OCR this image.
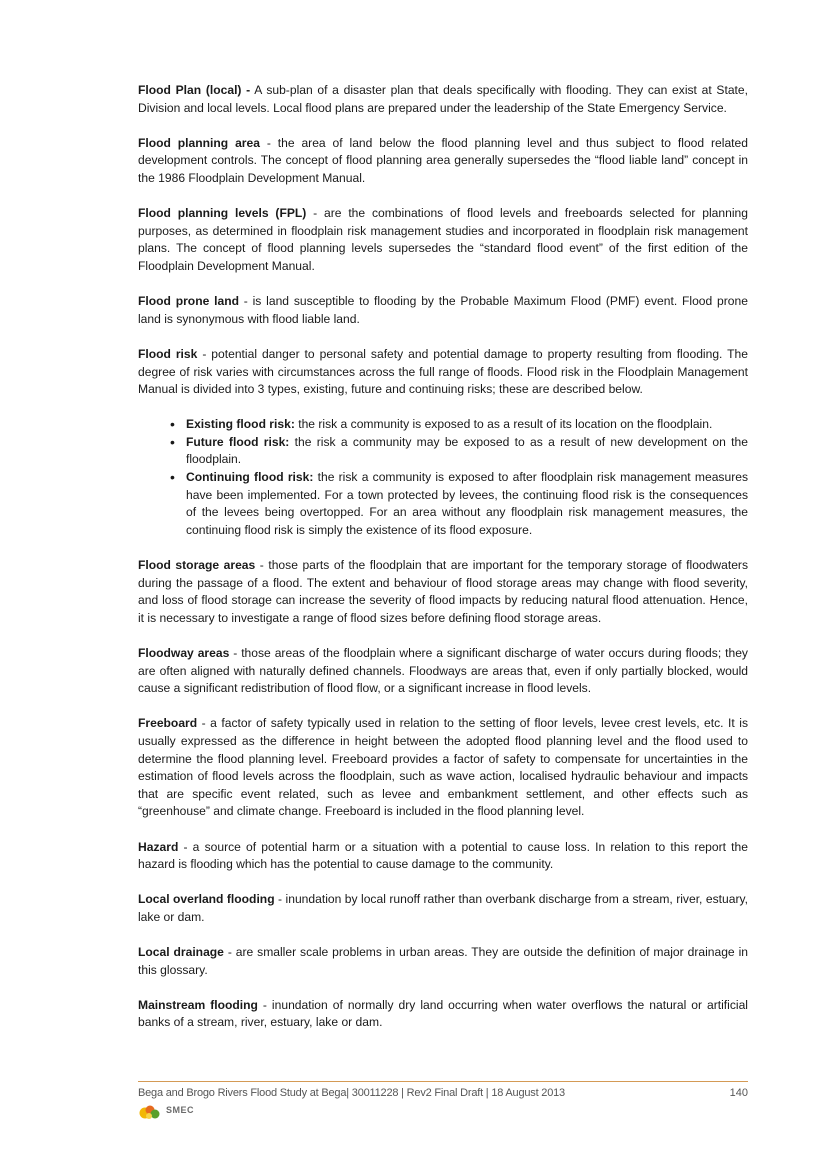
Flood Plan (local) - A sub-plan of a disaster plan that deals specifically with flooding. They can exist at State, Division and local levels. Local flood plans are prepared under the leadership of the State Emergency Service.

Flood planning area - the area of land below the flood planning level and thus subject to flood related development controls. The concept of flood planning area generally supersedes the “flood liable land” concept in the 1986 Floodplain Development Manual.

Flood planning levels (FPL) - are the combinations of flood levels and freeboards selected for planning purposes, as determined in floodplain risk management studies and incorporated in floodplain risk management plans. The concept of flood planning levels supersedes the “standard flood event” of the first edition of the Floodplain Development Manual.

Flood prone land - is land susceptible to flooding by the Probable Maximum Flood (PMF) event. Flood prone land is synonymous with flood liable land.

Flood risk - potential danger to personal safety and potential damage to property resulting from flooding. The degree of risk varies with circumstances across the full range of floods. Flood risk in the Floodplain Management Manual is divided into 3 types, existing, future and continuing risks; these are described below.

• Existing flood risk: the risk a community is exposed to as a result of its location on the floodplain.
• Future flood risk: the risk a community may be exposed to as a result of new development on the floodplain.
• Continuing flood risk: the risk a community is exposed to after floodplain risk management measures have been implemented. For a town protected by levees, the continuing flood risk is the consequences of the levees being overtopped. For an area without any floodplain risk management measures, the continuing flood risk is simply the existence of its flood exposure.

Flood storage areas - those parts of the floodplain that are important for the temporary storage of floodwaters during the passage of a flood. The extent and behaviour of flood storage areas may change with flood severity, and loss of flood storage can increase the severity of flood impacts by reducing natural flood attenuation. Hence, it is necessary to investigate a range of flood sizes before defining flood storage areas.

Floodway areas - those areas of the floodplain where a significant discharge of water occurs during floods; they are often aligned with naturally defined channels. Floodways are areas that, even if only partially blocked, would cause a significant redistribution of flood flow, or a significant increase in flood levels.

Freeboard - a factor of safety typically used in relation to the setting of floor levels, levee crest levels, etc. It is usually expressed as the difference in height between the adopted flood planning level and the flood used to determine the flood planning level. Freeboard provides a factor of safety to compensate for uncertainties in the estimation of flood levels across the floodplain, such as wave action, localised hydraulic behaviour and impacts that are specific event related, such as levee and embankment settlement, and other effects such as “greenhouse” and climate change. Freeboard is included in the flood planning level.

Hazard - a source of potential harm or a situation with a potential to cause loss. In relation to this report the hazard is flooding which has the potential to cause damage to the community.

Local overland flooding - inundation by local runoff rather than overbank discharge from a stream, river, estuary, lake or dam.

Local drainage - are smaller scale problems in urban areas. They are outside the definition of major drainage in this glossary.

Mainstream flooding - inundation of normally dry land occurring when water overflows the natural or artificial banks of a stream, river, estuary, lake or dam.

Bega and Brogo Rivers Flood Study at Bega| 30011228 | Rev2 Final Draft | 18 August 2013	140
SMEC
